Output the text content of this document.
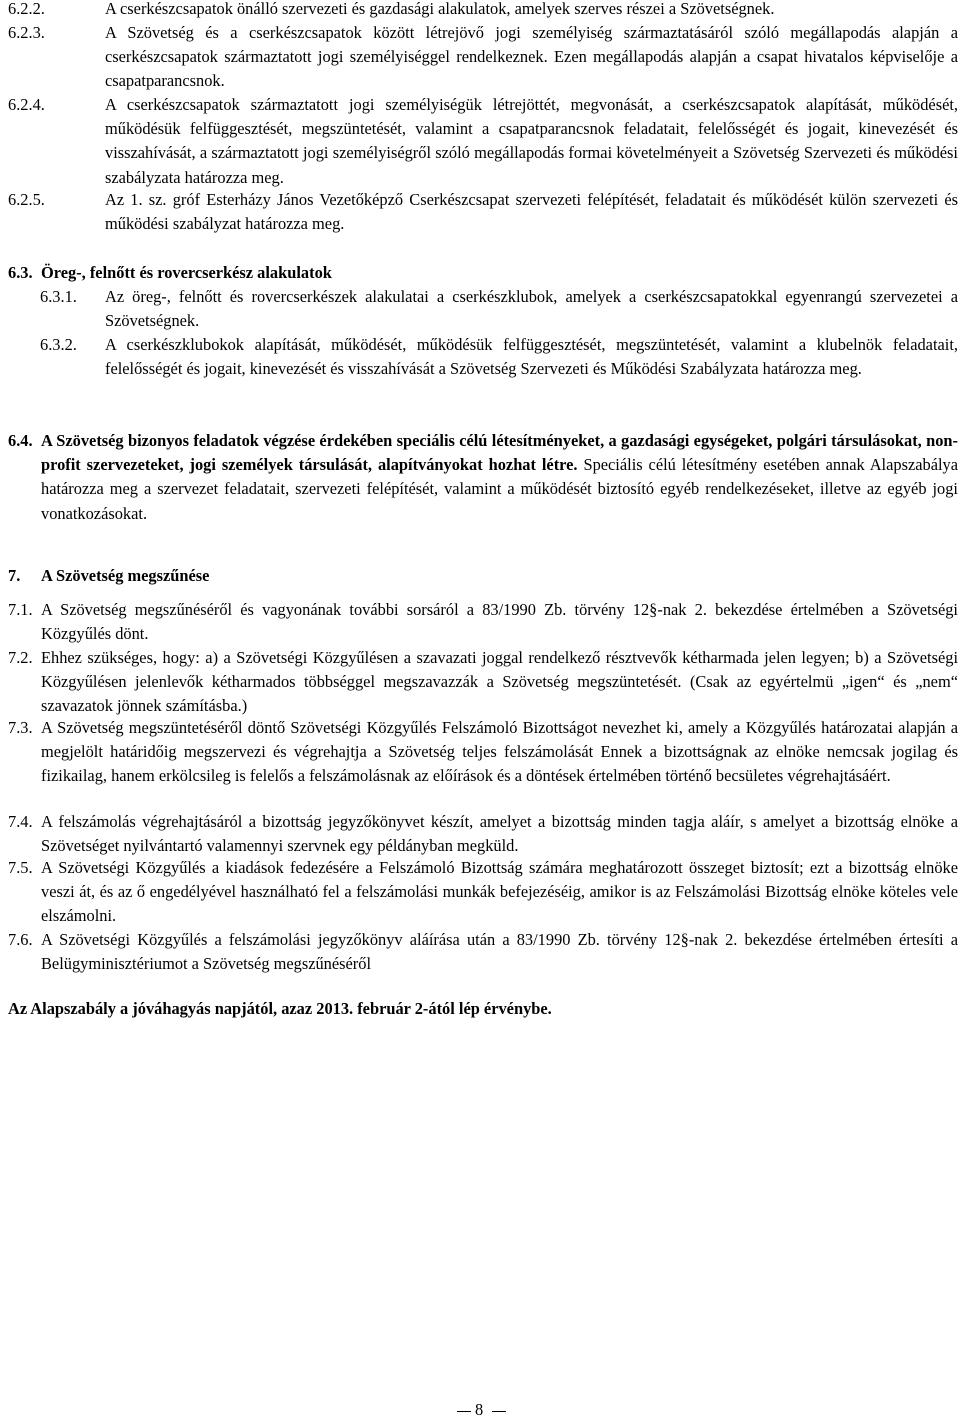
6.2.2.	A cserkészcsapatok önálló szervezeti és gazdasági alakulatok, amelyek szerves részei a Szövetségnek.
6.2.3.	A Szövetség és a cserkészcsapatok között létrejövő jogi személyiség származtatásáról szóló megállapodás alapján a cserkészcsapatok származtatott jogi személyiséggel rendelkeznek. Ezen megállapodás alapján a csapat hivatalos képviselője a csapatparancsnok.
6.2.4.	A cserkészcsapatok származtatott jogi személyiségük létrejöttét, megvonását, a cserkészcsapatok alapítását, működését, működésük felfüggesztését, megszüntetését, valamint a csapatparancsnok feladatait, felelősségét és jogait, kinevezését és visszahívását, a származtatott jogi személyiségről szóló megállapodás formai követelményeit a Szövetség Szervezeti és működési szabályzata határozza meg.
6.2.5.	Az 1. sz. gróf Esterházy János Vezetőképző Cserkészcsapat szervezeti felépítését, feladatait és működését külön szervezeti és működési szabályzat határozza meg.
6.3. Öreg-, felnőtt és rovercserkész alakulatok
6.3.1.	Az öreg-, felnőtt és rovercserkészek alakulatai a cserkészklubok, amelyek a cserkészcsapatokkal egyenrangú szervezetei a Szövetségnek.
6.3.2.	A cserkészklubokok alapítását, működését, működésük felfüggesztését, megszüntetését, valamint a klubelnök feladatait, felelősségét és jogait, kinevezését és visszahívását a Szövetség Szervezeti és Működési Szabályzata határozza meg.
6.4. A Szövetség bizonyos feladatok végzése érdekében speciális célú létesítményeket, a gazdasági egységeket, polgári társulásokat, non-profit szervezeteket, jogi személyek társulását, alapítványokat hozhat létre. Speciális célú létesítmény esetében annak Alapszabálya határozza meg a szervezet feladatait, szervezeti felépítését, valamint a működését biztosító egyéb rendelkezéseket, illetve az egyéb jogi vonatkozásokat.
7.	A Szövetség megszűnése
7.1. A Szövetség megszűnéséről és vagyonának további sorsáról a 83/1990 Zb. törvény 12§-nak 2. bekezdése értelmében a Szövetségi Közgyűlés dönt.
7.2. Ehhez szükséges, hogy: a) a Szövetségi Közgyűlésen a szavazati joggal rendelkező résztvevők kétharmada jelen legyen; b) a Szövetségi Közgyűlésen jelenlevők kétharmados többséggel megszavazzák a Szövetség megszüntetését. (Csak az egyértelmü „igen“ és „nem“ szavazatok jönnek számításba.)
7.3. A Szövetség megszüntetéséről döntő Szövetségi Közgyűlés Felszámoló Bizottságot nevezhet ki, amely a Közgyűlés határozatai alapján a megjelölt határidőig megszervezi és végrehajtja a Szövetség teljes felszámolását Ennek a bizottságnak az elnöke nemcsak jogilag és fizikailag, hanem erkölcsileg is felelős a felszámolásnak az előírások és a döntések értelmében történő becsületes végrehajtásáért.
7.4. A felszámolás végrehajtásáról a bizottság jegyzőkönyvet készít, amelyet a bizottság minden tagja aláír, s amelyet a bizottság elnöke a Szövetséget nyilvántartó valamennyi szervnek egy példányban megküld.
7.5. A Szövetségi Közgyűlés a kiadások fedezésére a Felszámoló Bizottság számára meghatározott összeget biztosít; ezt a bizottság elnöke veszi át, és az ő engedélyével használható fel a felszámolási munkák befejezéséig, amikor is az Felszámolási Bizottság elnöke köteles vele elszámolni.
7.6. A Szövetségi Közgyűlés a felszámolási jegyzőkönyv aláírása után a 83/1990 Zb. törvény 12§-nak 2. bekezdése értelmében értesíti a Belügyminisztériumot a Szövetség megszűnéséről
Az Alapszabály a jóváhagyás napjától, azaz 2013. február 2-ától lép érvénybe.
8
